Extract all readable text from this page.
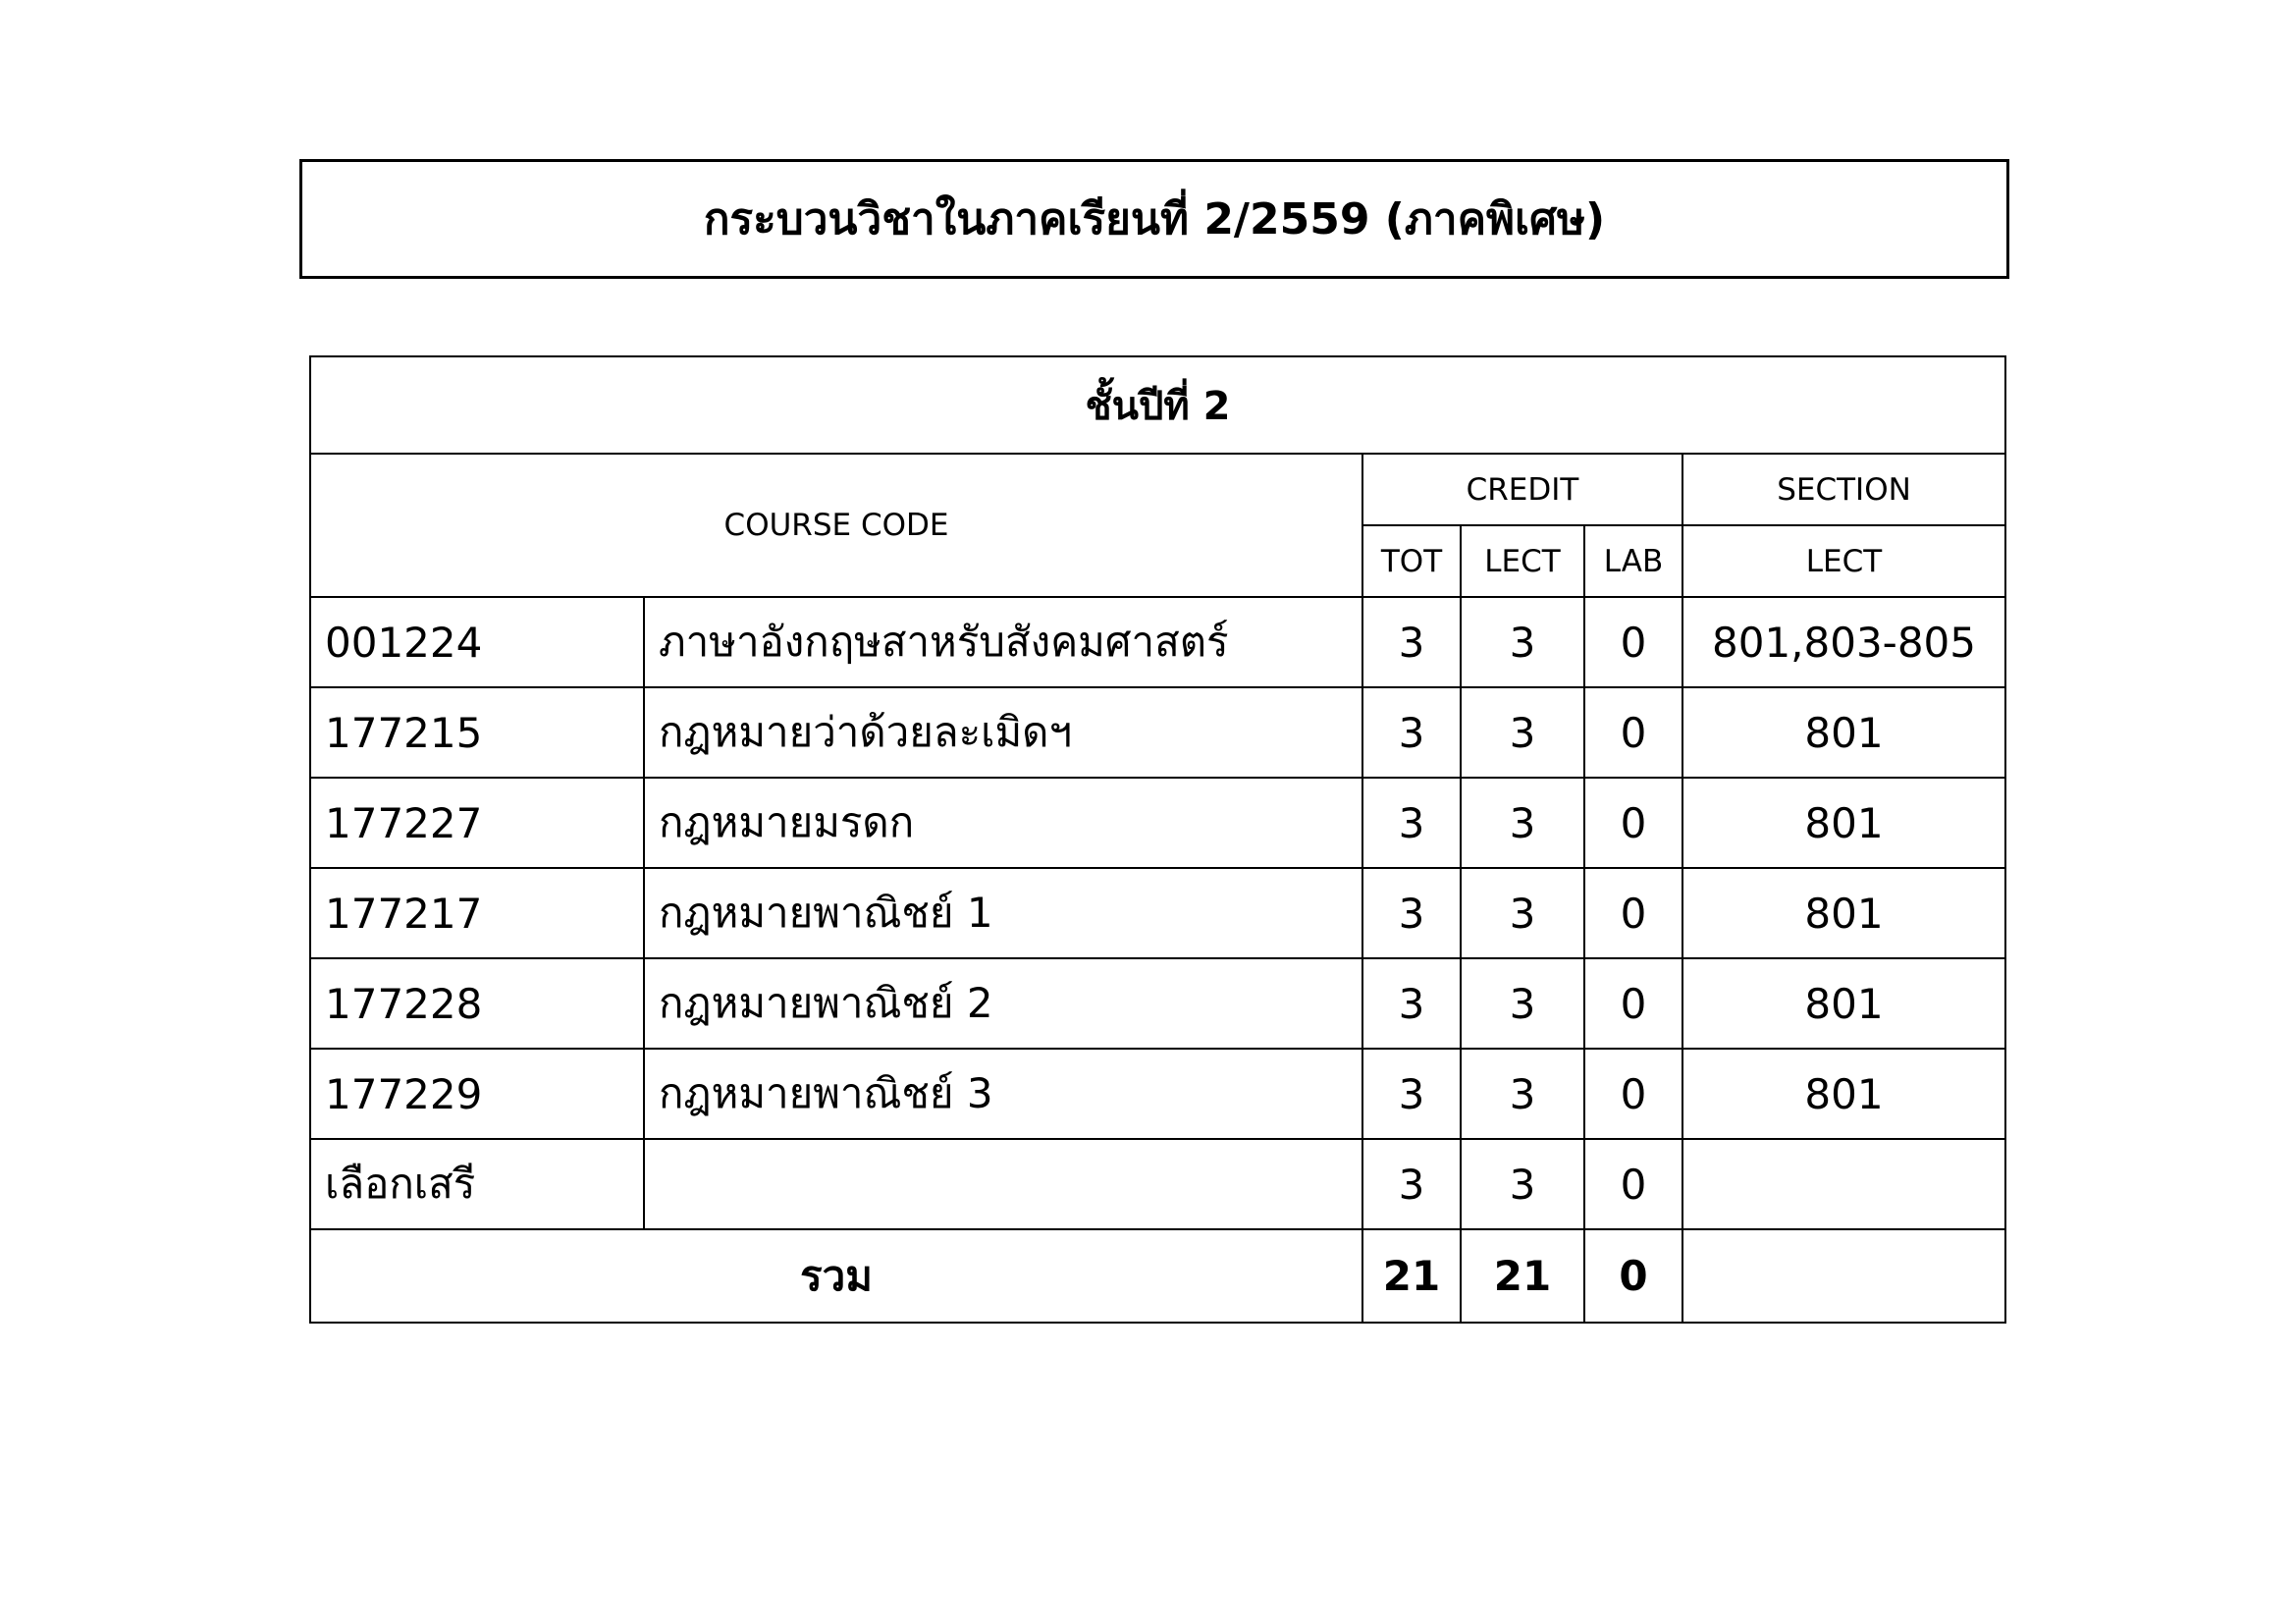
กระบวนวิชาในภาคเรียนที่ 2/2559 (ภาคพิเศษ)
ชั้นปีที่ 2					
COURSE CODE		CREDIT			SECTION
		TOT	LECT	LAB	LECT
001224	ภาษาอังกฤษสาหรับสังคมศาสตร์	3	3	0	801,803-805
177215	กฎหมายว่าด้วยละเมิดฯ	3	3	0	801
177227	กฎหมายมรดก	3	3	0	801
177217	กฎหมายพาณิชย์ 1	3	3	0	801
177228	กฎหมายพาณิชย์ 2	3	3	0	801
177229	กฎหมายพาณิชย์ 3	3	3	0	801
เลือกเสรี		3	3	0	
รวม		21	21	0	
